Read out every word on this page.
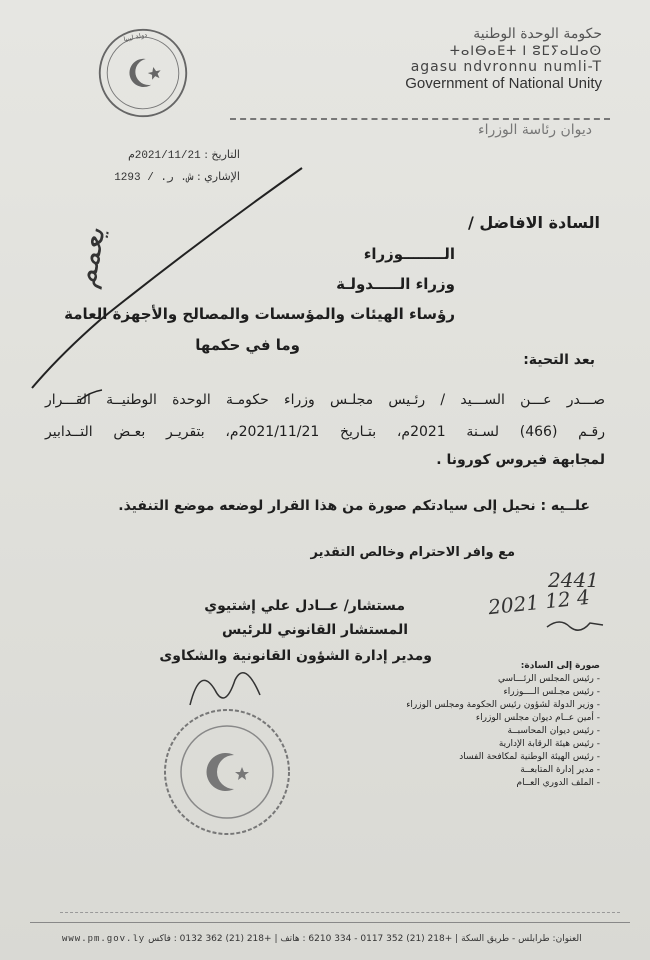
دولة ليبيا	حكومة الوحدة الوطنية
ⵜⴰⵏⴱⴰⴹⵜ ⵏ ⵓⵎⵢⴰⵡⴰⵙ
agasu ndvronnu numli-T
Government of National Unity
ديوان رئاسة الوزراء
التاريخ : 2021/11/21م
الإشاري : ش. ر. / 1293
يعمم
السادة الافاضل /
الــــــــوزراء
وزراء الـــــدولـة
رؤساء الهيئات والمؤسسات والمصالح والأجهزة العامة
وما في حكمها
بعد التحية:
صـــدر عـــن الســـيد / رئـيس مجلـس وزراء حكومـة الوحدة الوطنيــة القـــرار
رقـم (466) لسـنة 2021م، بتـاريخ 2021/11/21م، بتقريـر بعـض التــدابير
لمجابهة فيروس كورونا .
علــيه : نحيل إلى سيادتكم صورة من هذا القرار لوضعه موضع التنفيذ.
مع وافر الاحترام وخالص التقدير
2441
2021 12 4
مستشار/ عــادل علي إشتيوي
المستشار القانوني للرئيس
ومدير إدارة الشؤون القانونية والشكاوى
صورة إلى السادة:
- رئيس المجلس الرئـــاسي
- رئيس مجـلس الــــوزراء
- وزير الدولة لشؤون رئيس الحكومة ومجلس الوزراء
- أمين عــام ديوان مجلس الوزراء
- رئيس ديوان المحاسبــة
- رئيس هيئة الرقابة الإدارية
- رئيس الهيئة الوطنية لمكافحة الفساد
- مدير إدارة المتابعــة
- الملف الدوري العــام
www.pm.gov.ly +218 (21) 362 0132 : فاكس | +218 (21) 352 0117 - 334 6210 : هاتف | العنوان: طرابلس - طريق السكة
